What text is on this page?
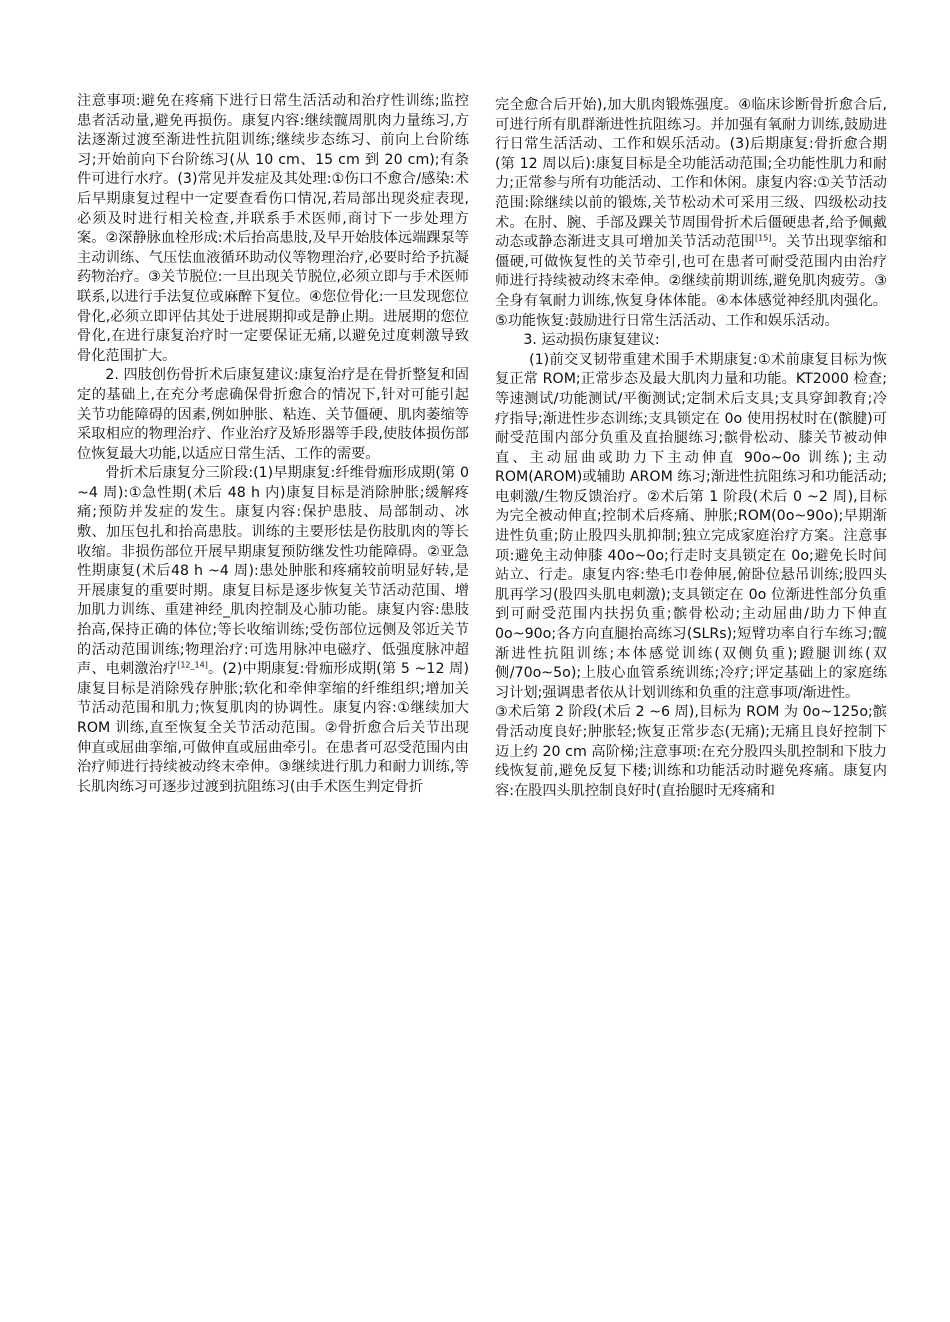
注意事项:避免在疼痛下进行日常生活活动和治疗性训练;监控患者活动量,避免再损伤。康复内容:继续髋周肌肉力量练习,方法逐渐过渡至渐进性抗阻训练;继续步态练习、前向上台阶练习;开始前向下台阶练习(从 10 cm、15 cm 到 20 cm);有条件可进行水疗。(3)常见并发症及其处理:①伤口不愈合/感染:术后早期康复过程中一定要查看伤口情况,若局部出现炎症表现,必须及时进行相关检查,并联系手术医师,商讨下一步处理方案。②深静脉血栓形成:术后抬高患肢,及早开始肢体远端踝泵等主动训练、气压怯血液循环助动仪等物理治疗,必要时给予抗凝药物治疗。③关节脱位:一旦出现关节脱位,必须立即与手术医师联系,以进行手法复位或麻醉下复位。④您位骨化:一旦发现您位骨化,必须立即评估其处于进展期抑或是静止期。进展期的您位骨化,在进行康复治疗时一定要保证无痛,以避免过度刺激导致骨化范围扩大。

2. 四肢创伤骨折术后康复建议:康复治疗是在骨折整复和固定的基础上,在充分考虑确保骨折愈合的情况下,针对可能引起关节功能障碍的因素,例如肿胀、粘连、关节僵硬、肌肉萎缩等采取相应的物理治疗、作业治疗及矫形器等手段,使肢体损伤部位恢复最大功能,以适应日常生活、工作的需要。

骨折术后康复分三阶段:(1)早期康复:纤维骨痂形成期(第 0 ~4 周):①急性期(术后 48 h 内)康复目标是消除肿胀;缓解疼痛;预防并发症的发生。康复内容:保护患肢、局部制动、冰敷、加压包扎和抬高患肢。训练的主要形怯是伤肢肌肉的等长收缩。非损伤部位开展早期康复预防继发性功能障碍。②亚急性期康复(术后48 h ~4 周):患处肿胀和疼痛较前明显好转,是开展康复的重要时期。康复目标是逐步恢复关节活动范围、增加肌力训练、重建神经_肌肉控制及心肺功能。康复内容:患肢抬高,保持正确的体位;等长收缩训练;受伤部位远侧及邻近关节的活动范围训练;物理治疗:可选用脉冲电磁疗、低强度脉冲超声、电刺激治疗[12_14]。(2)中期康复:骨痂形成期(第 5 ~12 周)康复目标是消除残存肿胀;软化和牵伸挛缩的纤维组织;增加关节活动范围和肌力;恢复肌肉的协调性。康复内容:①继续加大 ROM 训练,直至恢复全关节活动范围。②骨折愈合后关节出现伸直或屈曲挛缩,可做伸直或屈曲牵引。在患者可忍受范围内由治疗师进行持续被动终末牵伸。③继续进行肌力和耐力训练,等长肌肉练习可逐步过渡到抗阻练习(由手术医生判定骨折

完全愈合后开始),加大肌肉锻炼强度。④临床诊断骨折愈合后,可进行所有肌群渐进性抗阻练习。并加强有氧耐力训练,鼓励进行日常生活活动、工作和娱乐活动。(3)后期康复:骨折愈合期(第 12 周以后):康复目标是全功能活动范围;全功能性肌力和耐力;正常参与所有功能活动、工作和休闲。康复内容:①关节活动范围:除继续以前的锻炼,关节松动术可采用三级、四级松动技术。在肘、腕、手部及踝关节周围骨折术后僵硬患者,给予佩戴动态或静态渐进支具可增加关节活动范围[15]。关节出现挛缩和僵硬,可做恢复性的关节牵引,也可在患者可耐受范围内由治疗师进行持续被动终末牵伸。②继续前期训练,避免肌肉疲劳。③全身有氧耐力训练,恢复身体体能。④本体感觉神经肌肉强化。⑤功能恢复:鼓励进行日常生活活动、工作和娱乐活动。

3. 运动损伤康复建议:

(1)前交叉韧带重建术围手术期康复:①术前康复目标为恢复正常 ROM;正常步态及最大肌肉力量和功能。KT2000 检查;等速测试/功能测试/平衡测试;定制术后支具;支具穿卸教育;冷疗指导;渐进性步态训练;支具锁定在 0o 使用拐杖时在(髌腱)可耐受范围内部分负重及直抬腿练习;髌骨松动、膝关节被动伸直、主动屈曲或助力下主动伸直 90o~0o 训练);主动 ROM(AROM)或辅助 AROM 练习;渐进性抗阻练习和功能活动;电刺激/生物反馈治疗。②术后第 1 阶段(术后 0 ~2 周),目标为完全被动伸直;控制术后疼痛、肿胀;ROM(0o~90o);早期渐进性负重;防止股四头肌抑制;独立完成家庭治疗方案。注意事项:避免主动伸膝 40o~0o;行走时支具锁定在 0o;避免长时间站立、行走。康复内容:垫毛巾卷伸展,俯卧位悬吊训练;股四头肌再学习(股四头肌电刺激);支具锁定在 0o 位渐进性部分负重到可耐受范围内扶拐负重;髌骨松动;主动屈曲/助力下伸直 0o~90o;各方向直腿抬高练习(SLRs);短臂功率自行车练习;髋渐进性抗阻训练;本体感觉训练(双侧负重);蹬腿训练(双侧/70o~5o);上肢心血管系统训练;冷疗;评定基础上的家庭练习计划;强调患者依从计划训练和负重的注意事项/渐进性。

③术后第 2 阶段(术后 2 ~6 周),目标为 ROM 为 0o~125o;髌骨活动度良好;肿胀轻;恢复正常步态(无痛);无痛且良好控制下迈上约 20 cm 高阶梯;注意事项:在充分股四头肌控制和下肢力线恢复前,避免反复下楼;训练和功能活动时避免疼痛。康复内容:在股四头肌控制良好时(直抬腿时无疼痛和
